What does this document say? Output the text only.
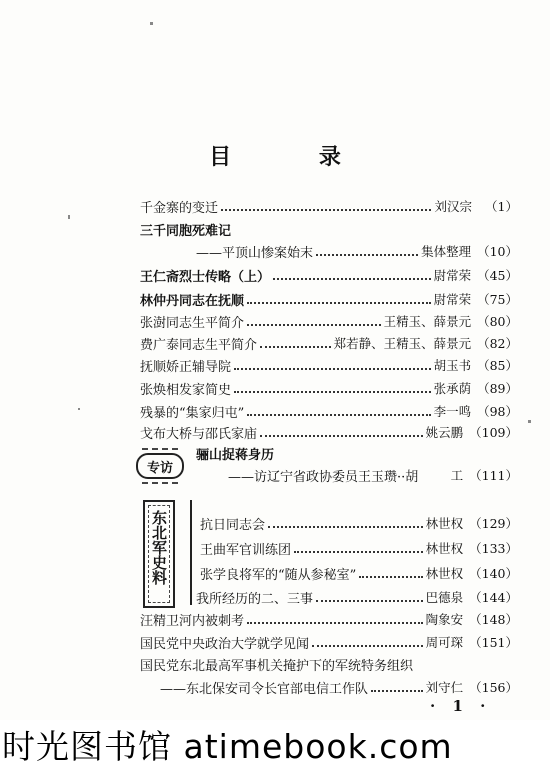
目 录
千金寨的变迁	刘汉宗	（1）
三千同胞死难记
——平顶山惨案始末	集体整理 （10）
王仁斋烈士传略（上）	尉常荣 （45）
林仲丹同志在抚顺	尉常荣 （75）
张澍同志生平简介	王精玉、薛景元 （80）
费广泰同志生平简介	郑若静、王精玉、薛景元 （82）
抚顺娇正辅导院	胡玉书 （85）
张焕相发家简史	张承荫 （89）
残暴的“集家归屯”	李一鸣 （98）
戈布大桥与邵氏家庙	姚云鹏 （109）
专访
骊山捉蒋身历
——访辽宁省政协委员王玉瓒··胡	工 （111）
东北军史料 抗日同志会	林世权 （129）
王曲军官训练团	林世权 （133）
张学良将军的“随从参秘室”	林世权 （140）
我所经历的二、三事	巴德泉 （144）
汪精卫河内被刺考	陶象安 （148）
国民党中央政治大学就学见闻	周可琛 （151）
国民党东北最高军事机关掩护下的军统特务组织
——东北保安司令长官部电信工作队	刘守仁 （156）
· 1 ·
时光图书馆 atimebook.com
